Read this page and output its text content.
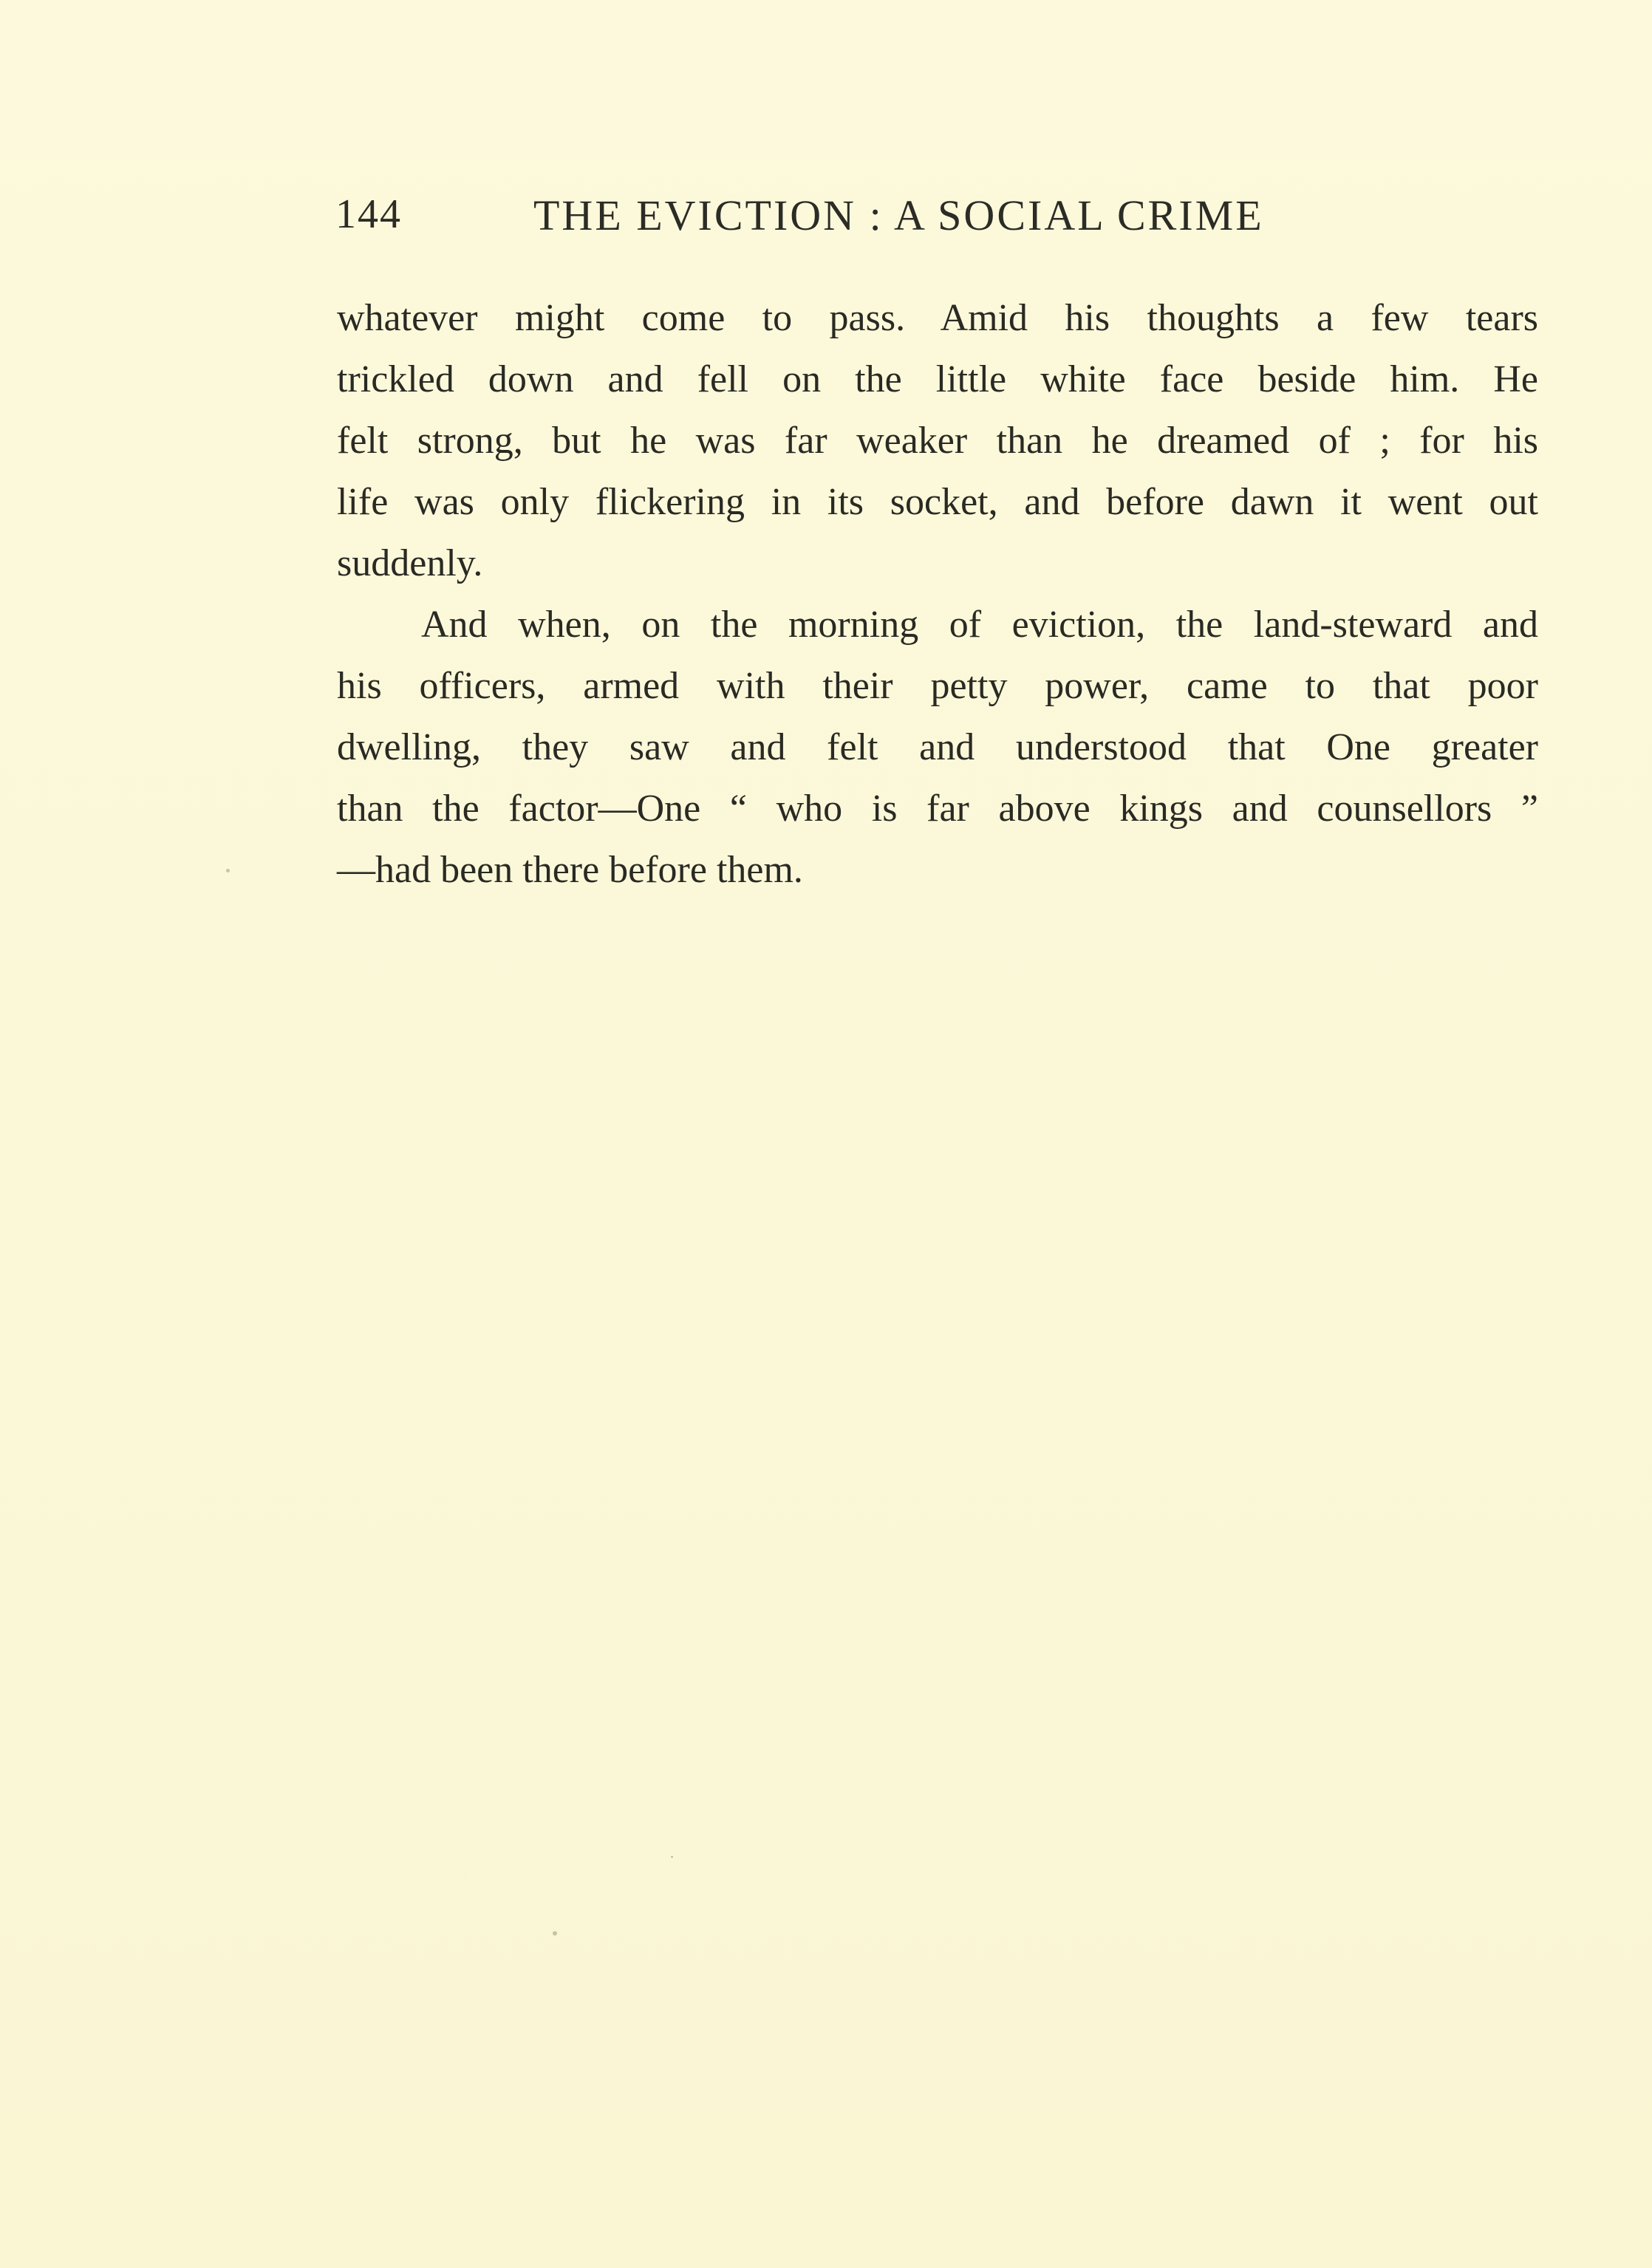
144	THE EVICTION : A SOCIAL CRIME
whatever might come to pass. Amid his thoughts a few tears
trickled down and fell on the little white face beside him. He
felt strong, but he was far weaker than he dreamed of ; for his
life was only flickering in its socket, and before dawn it went out
suddenly.
And when, on the morning of eviction, the land-steward and
his officers, armed with their petty power, came to that poor
dwelling, they saw and felt and understood that One greater
than the factor—One “ who is far above kings and counsellors ”
—had been there before them.
